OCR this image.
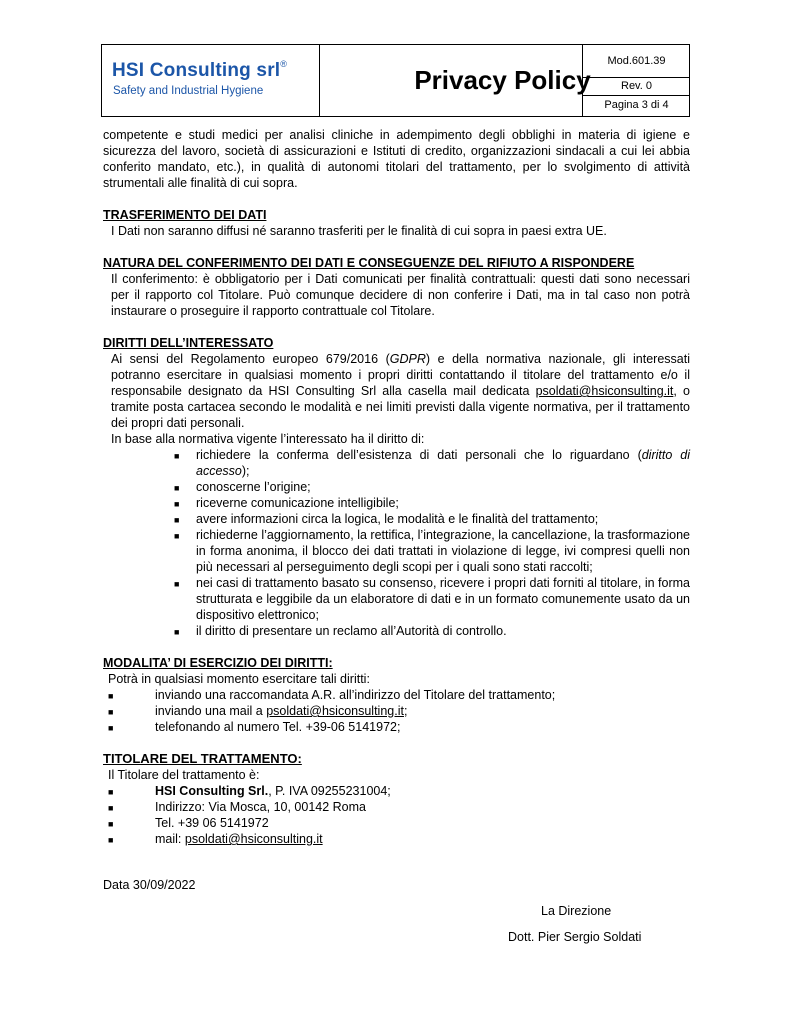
HSI Consulting srl®
Safety and Industrial Hygiene	Privacy Policy
Mod.601.39
Rev. 0
Pagina 3 di 4
competente e studi medici per analisi cliniche in adempimento degli obblighi in materia di igiene e sicurezza del lavoro, società di assicurazioni e Istituti di credito, organizzazioni sindacali a cui lei abbia conferito mandato, etc.), in qualità di autonomi titolari del trattamento, per lo svolgimento di attività strumentali alle finalità di cui sopra.
TRASFERIMENTO DEI DATI
I Dati non saranno diffusi né saranno trasferiti per le finalità di cui sopra in paesi extra UE.
NATURA DEL CONFERIMENTO DEI DATI E CONSEGUENZE DEL RIFIUTO A RISPONDERE
Il conferimento: è obbligatorio per i Dati comunicati per finalità contrattuali: questi dati sono necessari per il rapporto col Titolare. Può comunque decidere di non conferire i Dati, ma in tal caso non potrà instaurare o proseguire il rapporto contrattuale col Titolare.
DIRITTI DELL’INTERESSATO
Ai sensi del Regolamento europeo 679/2016 (GDPR) e della normativa nazionale, gli interessati potranno esercitare in qualsiasi momento i propri diritti contattando il titolare del trattamento e/o il responsabile designato da HSI Consulting Srl alla casella mail dedicata psoldati@hsiconsulting.it, o tramite posta cartacea secondo le modalità e nei limiti previsti dalla vigente normativa, per il trattamento dei propri dati personali.
In base alla normativa vigente l’interessato ha il diritto di:
■ richiedere la conferma dell’esistenza di dati personali che lo riguardano (diritto di accesso);
■ conoscerne l’origine;
■ riceverne comunicazione intelligibile;
■ avere informazioni circa la logica, le modalità e le finalità del trattamento;
■ richiederne l’aggiornamento, la rettifica, l’integrazione, la cancellazione, la trasformazione in forma anonima, il blocco dei dati trattati in violazione di legge, ivi compresi quelli non più necessari al perseguimento degli scopi per i quali sono stati raccolti;
■ nei casi di trattamento basato su consenso, ricevere i propri dati forniti al titolare, in forma strutturata e leggibile da un elaboratore di dati e in un formato comunemente usato da un dispositivo elettronico;
■ il diritto di presentare un reclamo all’Autorità di controllo.
MODALITA’ DI ESERCIZIO DEI DIRITTI:
Potrà in qualsiasi momento esercitare tali diritti:
■	inviando una raccomandata A.R. all’indirizzo del Titolare del trattamento;
■	inviando una mail a psoldati@hsiconsulting.it;
■	telefonando al numero Tel. +39-06 5141972;
TITOLARE DEL TRATTAMENTO:
Il Titolare del trattamento è:
■	HSI Consulting Srl., P. IVA 09255231004;
■	Indirizzo: Via Mosca, 10, 00142 Roma
■	Tel. +39 06 5141972
■	mail: psoldati@hsiconsulting.it
Data 30/09/2022
La Direzione
Dott. Pier Sergio Soldati
